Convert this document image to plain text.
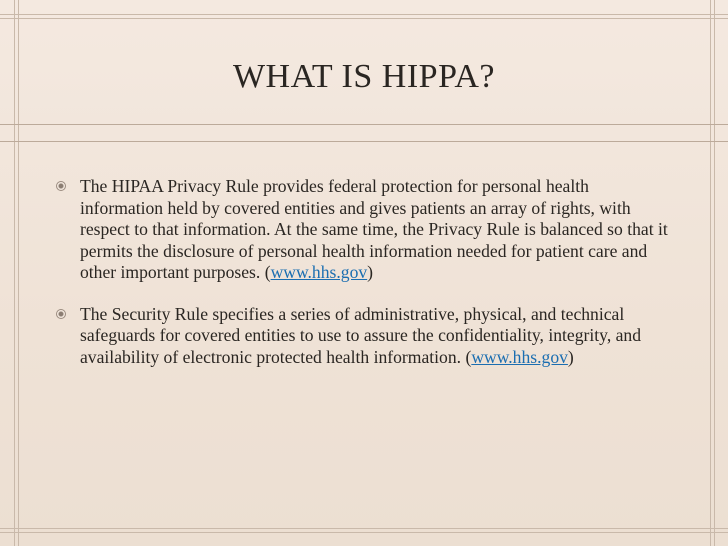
WHAT IS HIPPA?
The HIPAA Privacy Rule provides federal protection for personal health information held by covered entities and gives patients an array of rights, with respect to that information. At the same time, the Privacy Rule is balanced so that it permits the disclosure of personal health information needed for patient care and other important purposes. (www.hhs.gov)
The Security Rule specifies a series of administrative, physical, and technical safeguards for covered entities to use to assure the confidentiality, integrity, and availability of electronic protected health information. (www.hhs.gov)
